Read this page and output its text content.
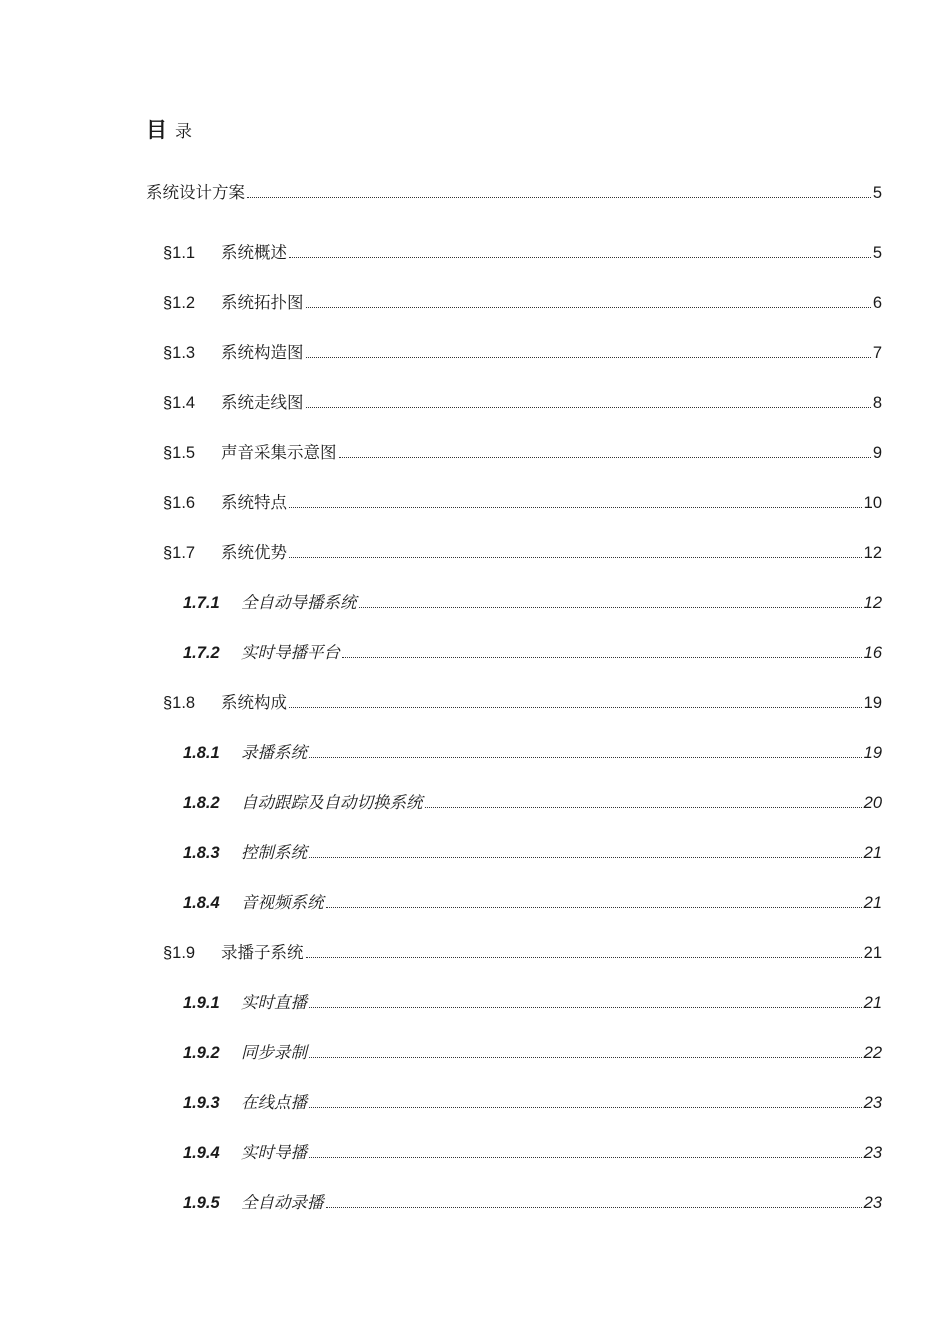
目 录
系统设计方案	5
§1.1	系统概述	5
§1.2	系统拓扑图	6
§1.3	系统构造图	7
§1.4	系统走线图	8
§1.5	声音采集示意图	9
§1.6	系统特点	10
§1.7	系统优势	12
1.7.1	全自动导播系统	12
1.7.2	实时导播平台	16
§1.8	系统构成	19
1.8.1	录播系统	19
1.8.2	自动跟踪及自动切换系统	20
1.8.3	控制系统	21
1.8.4	音视频系统	21
§1.9	录播子系统	21
1.9.1	实时直播	21
1.9.2	同步录制	22
1.9.3	在线点播	23
1.9.4	实时导播	23
1.9.5	全自动录播	23
